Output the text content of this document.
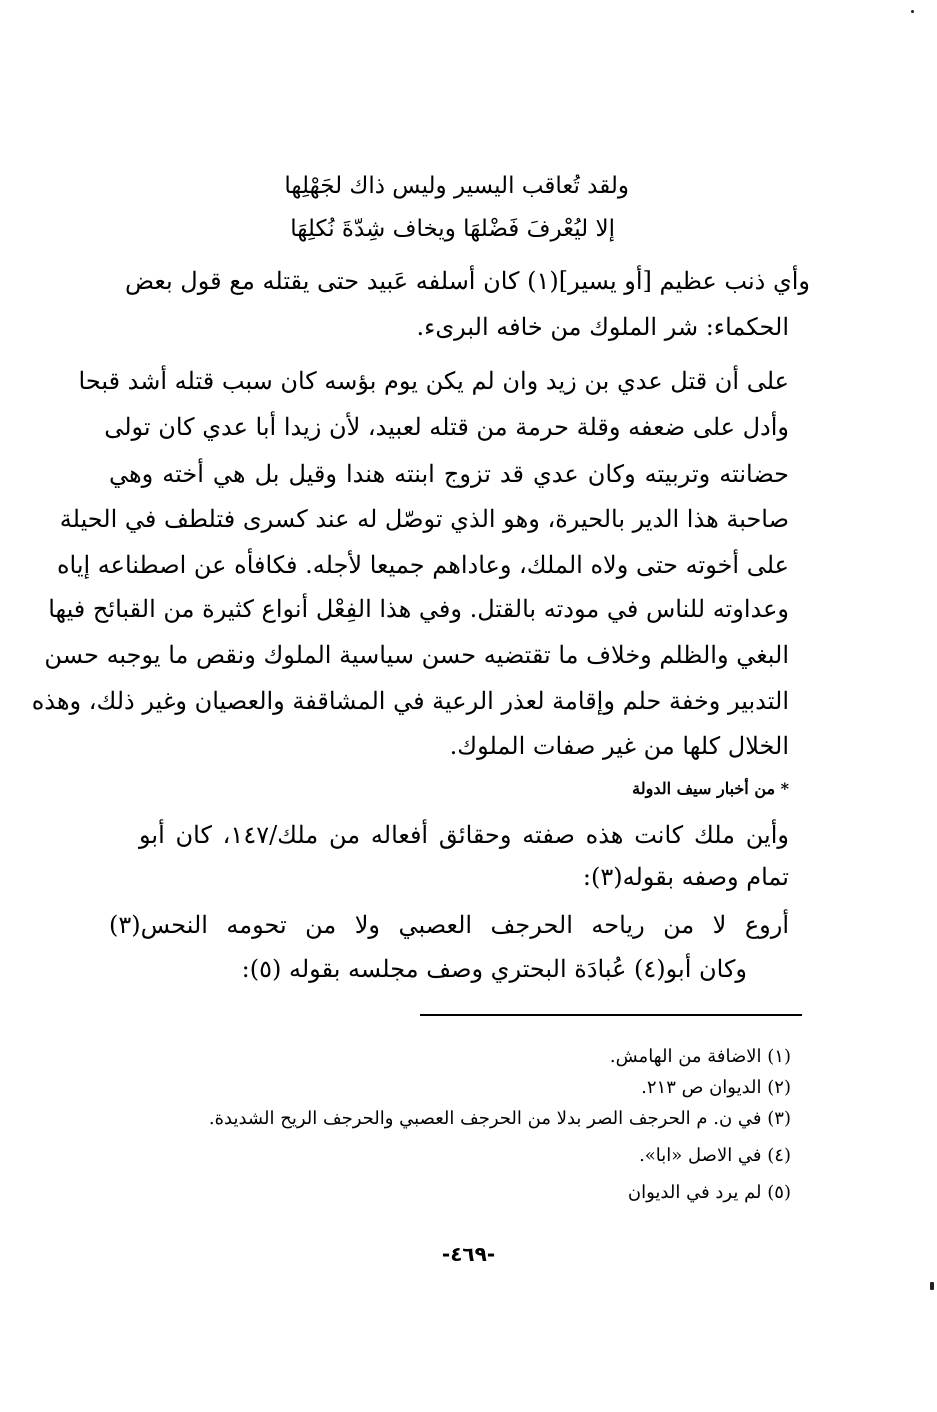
ولقد تُعاقب اليسير وليس ذاك لجَهْلِها
إلا ليُعْرفَ فَضْلهَا ويخاف شِدّةَ نُكلِهَا
وأي ذنب عظيم [أو يسير](١) كان أسلفه عَبيد حتى يقتله مع قول بعض
الحكماء: شر الملوك من خافه البرىء.
على أن قتل عدي بن زيد وان لم يكن يوم بؤسه كان سبب قتله أشد قبحا
وأدل على ضعفه وقلة حرمة من قتله لعبيد، لأن زيدا أبا عدي كان تولى
حضانته وتربيته وكان عدي قد تزوج ابنته هندا وقيل بل هي أخته وهي
صاحبة هذا الدير بالحيرة، وهو الذي توصّل له عند كسرى فتلطف في الحيلة
على أخوته حتى ولاه الملك، وعاداهم جميعا لأجله. فكافأه عن اصطناعه إياه
وعداوته للناس في مودته بالقتل. وفي هذا الفِعْل أنواع كثيرة من القبائح فيها
البغي والظلم وخلاف ما تقتضيه حسن سياسية الملوك ونقص ما يوجبه حسن
التدبير وخفة حلم وإقامة لعذر الرعية في المشاقفة والعصيان وغير ذلك، وهذه
الخلال كلها من غير صفات الملوك.
* من أخبار سيف الدولة
وأين ملك كانت هذه صفته وحقائق أفعاله من ملك/١٤٧، كان أبو
تمام وصفه بقوله(٣):
أروع لا من رياحه الحرجف العصبي ولا من تحومه النحس(٣)
وكان أبو(٤) عُبادَة البحتري وصف مجلسه بقوله (٥):
(١) الاضافة من الهامش.
(٢) الديوان ص ٢١٣.
(٣) في ن. م الحرجف الصر بدلا من الحرجف العصبي والحرجف الريح الشديدة.
(٤) في الاصل «ابا».
(٥) لم يرد في الديوان
-٤٦٩-
